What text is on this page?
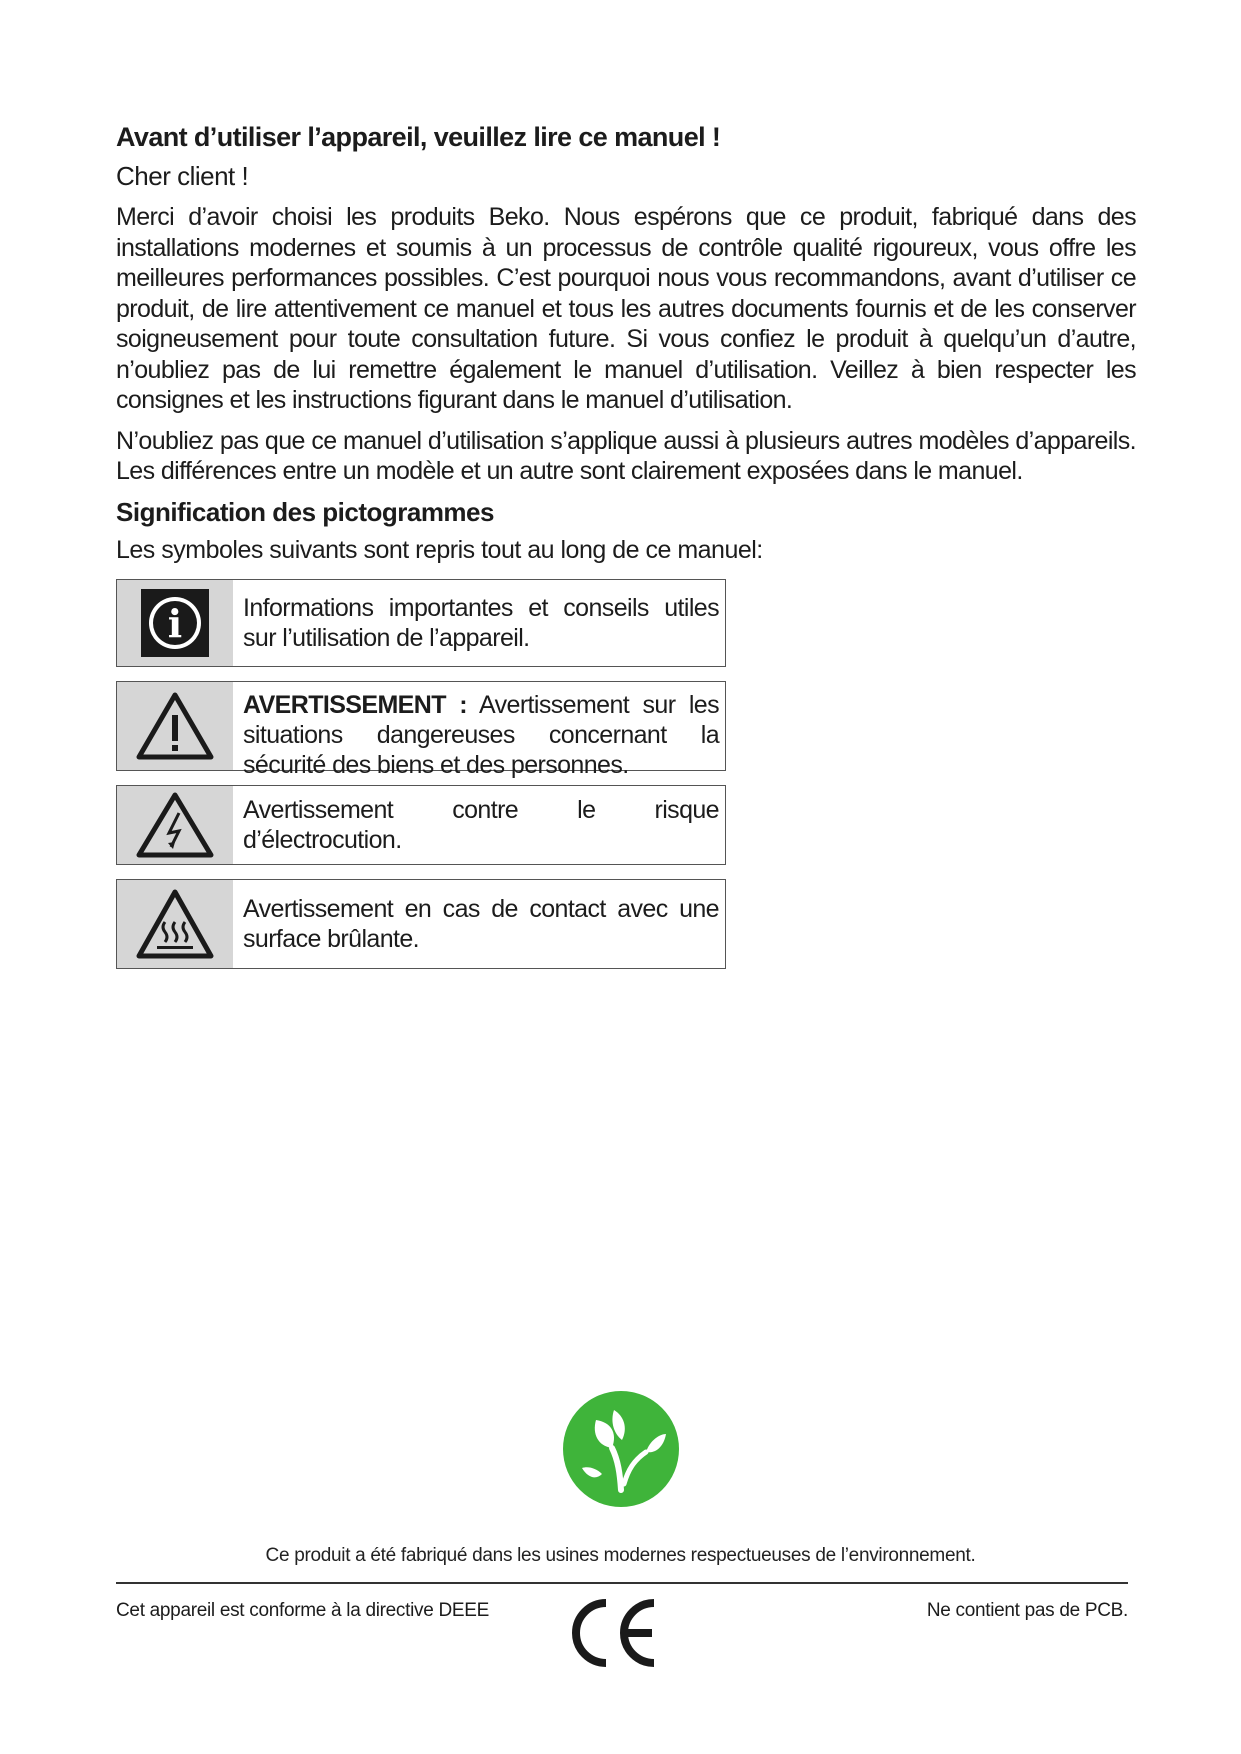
Avant d’utiliser l’appareil, veuillez lire ce manuel !

Cher client !

Merci d’avoir choisi les produits Beko. Nous espérons que ce produit, fabriqué dans des installations modernes et soumis à un processus de contrôle qualité rigoureux, vous offre les meilleures performances possibles. C’est pourquoi nous vous recommandons, avant d’utiliser ce produit, de lire attentivement ce manuel et tous les autres documents fournis et de les conserver soigneusement pour toute consultation future. Si vous confiez le produit à quelqu’un d’autre, n’oubliez pas de lui remettre également le manuel d’utilisation. Veillez à bien respecter les consignes et les instructions figurant dans le manuel d’utilisation.

N’oubliez pas que ce manuel d’utilisation s’applique aussi à plusieurs autres modèles d’appareils. Les différences entre un modèle et un autre sont clairement exposées dans le manuel.

Signification des pictogrammes

Les symboles suivants sont repris tout au long de ce manuel:

i Informations importantes et conseils utiles sur l’utilisation de l’appareil.
AVERTISSEMENT : Avertissement sur les situations dangereuses concernant la sécurité des biens et des personnes.
Avertissement contre le risque d’électrocution.
Avertissement en cas de contact avec une surface brûlante.
Ce produit a été fabriqué dans les usines modernes respectueuses de l’environnement.
Cet appareil est conforme à la directive DEEE	Ne contient pas de PCB.
